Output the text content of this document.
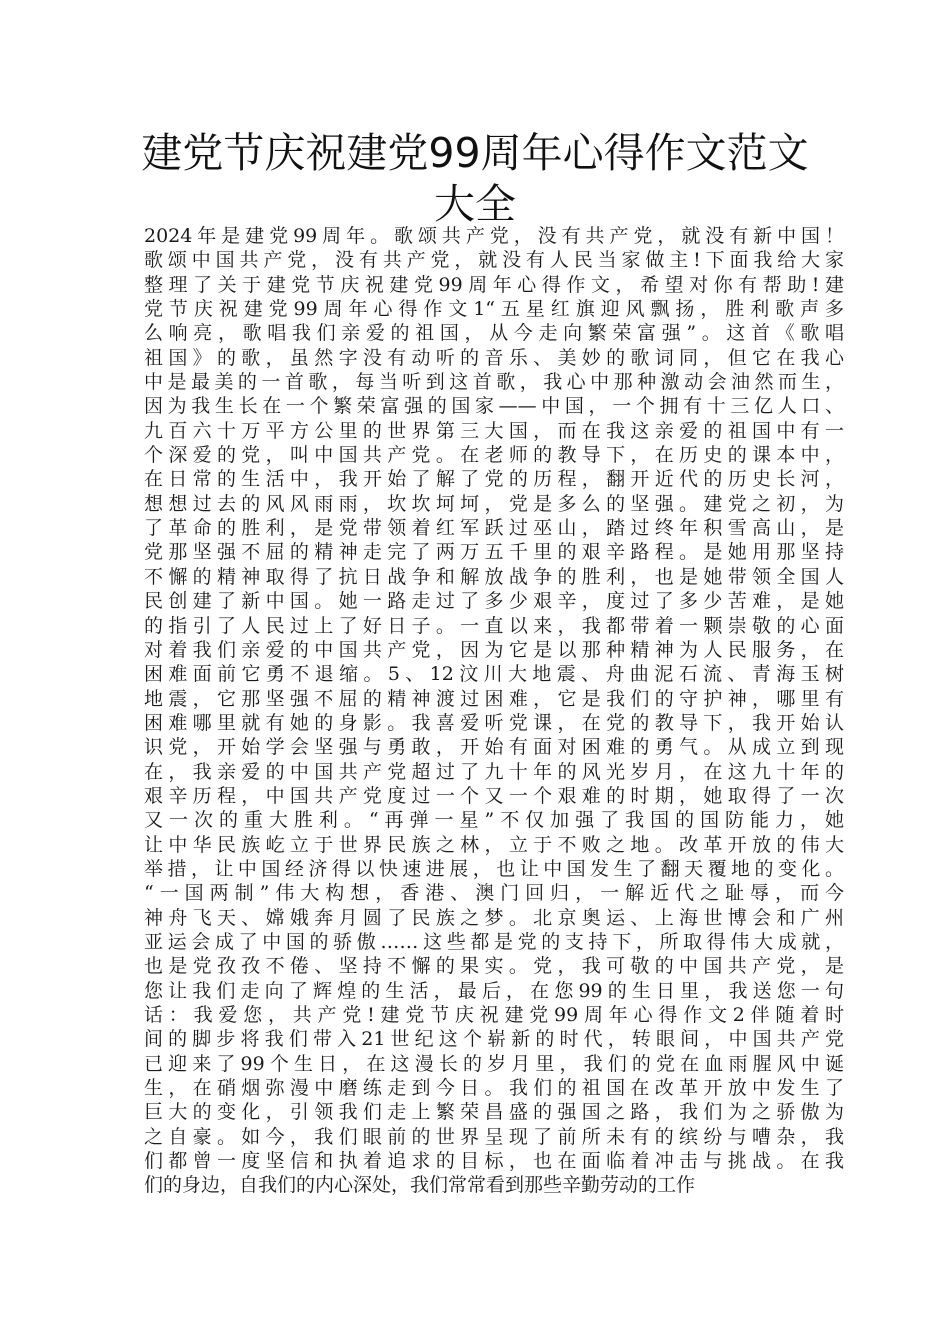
建党节庆祝建党99周年心得作文范文
大全
2024年是建党99周年。歌颂共产党，没有共产党，就没有新中国！
歌颂中国共产党，没有共产党，就没有人民当家做主!下面我给大家
整理了关于建党节庆祝建党99周年心得作文，希望对你有帮助!建
党节庆祝建党99周年心得作文1“五星红旗迎风飘扬，胜利歌声多
么响亮，歌唱我们亲爱的祖国，从今走向繁荣富强”。这首《歌唱
祖国》的歌，虽然字没有动听的音乐、美妙的歌词同，但它在我心
中是最美的一首歌，每当听到这首歌，我心中那种激动会油然而生，
因为我生长在一个繁荣富强的国家——中国，一个拥有十三亿人口、
九百六十万平方公里的世界第三大国，而在我这亲爱的祖国中有一
个深爱的党，叫中国共产党。在老师的教导下，在历史的课本中，
在日常的生活中，我开始了解了党的历程，翻开近代的历史长河，
想想过去的风风雨雨，坎坎坷坷，党是多么的坚强。建党之初，为
了革命的胜利，是党带领着红军跃过巫山，踏过终年积雪高山，是
党那坚强不屈的精神走完了两万五千里的艰辛路程。是她用那坚持
不懈的精神取得了抗日战争和解放战争的胜利，也是她带领全国人
民创建了新中国。她一路走过了多少艰辛，度过了多少苦难，是她
的指引了人民过上了好日子。一直以来，我都带着一颗崇敬的心面
对着我们亲爱的中国共产党，因为它是以那种精神为人民服务，在
困难面前它勇不退缩。5、12汶川大地震、舟曲泥石流、青海玉树
地震，它那坚强不屈的精神渡过困难，它是我们的守护神，哪里有
困难哪里就有她的身影。我喜爱听党课，在党的教导下，我开始认
识党，开始学会坚强与勇敢，开始有面对困难的勇气。从成立到现
在，我亲爱的中国共产党超过了九十年的风光岁月，在这九十年的
艰辛历程，中国共产党度过一个又一个艰难的时期，她取得了一次
又一次的重大胜利。“再弹一星”不仅加强了我国的国防能力，她
让中华民族屹立于世界民族之林，立于不败之地。改革开放的伟大
举措，让中国经济得以快速进展，也让中国发生了翻天覆地的变化。
“一国两制”伟大构想，香港、澳门回归，一解近代之耻辱，而今
神舟飞天、嫦娥奔月圆了民族之梦。北京奥运、上海世博会和广州
亚运会成了中国的骄傲……这些都是党的支持下，所取得伟大成就，
也是党孜孜不倦、坚持不懈的果实。党，我可敬的中国共产党，是
您让我们走向了辉煌的生活，最后，在您99的生日里，我送您一句
话：我爱您，共产党!建党节庆祝建党99周年心得作文2伴随着时
间的脚步将我们带入21世纪这个崭新的时代，转眼间，中国共产党
已迎来了99个生日，在这漫长的岁月里，我们的党在血雨腥风中诞
生，在硝烟弥漫中磨练走到今日。我们的祖国在改革开放中发生了
巨大的变化，引领我们走上繁荣昌盛的强国之路，我们为之骄傲为
之自豪。如今，我们眼前的世界呈现了前所未有的缤纷与嘈杂，我
们都曾一度坚信和执着追求的目标，也在面临着冲击与挑战。在我
们的身边，自我们的内心深处，我们常常看到那些辛勤劳动的工作
